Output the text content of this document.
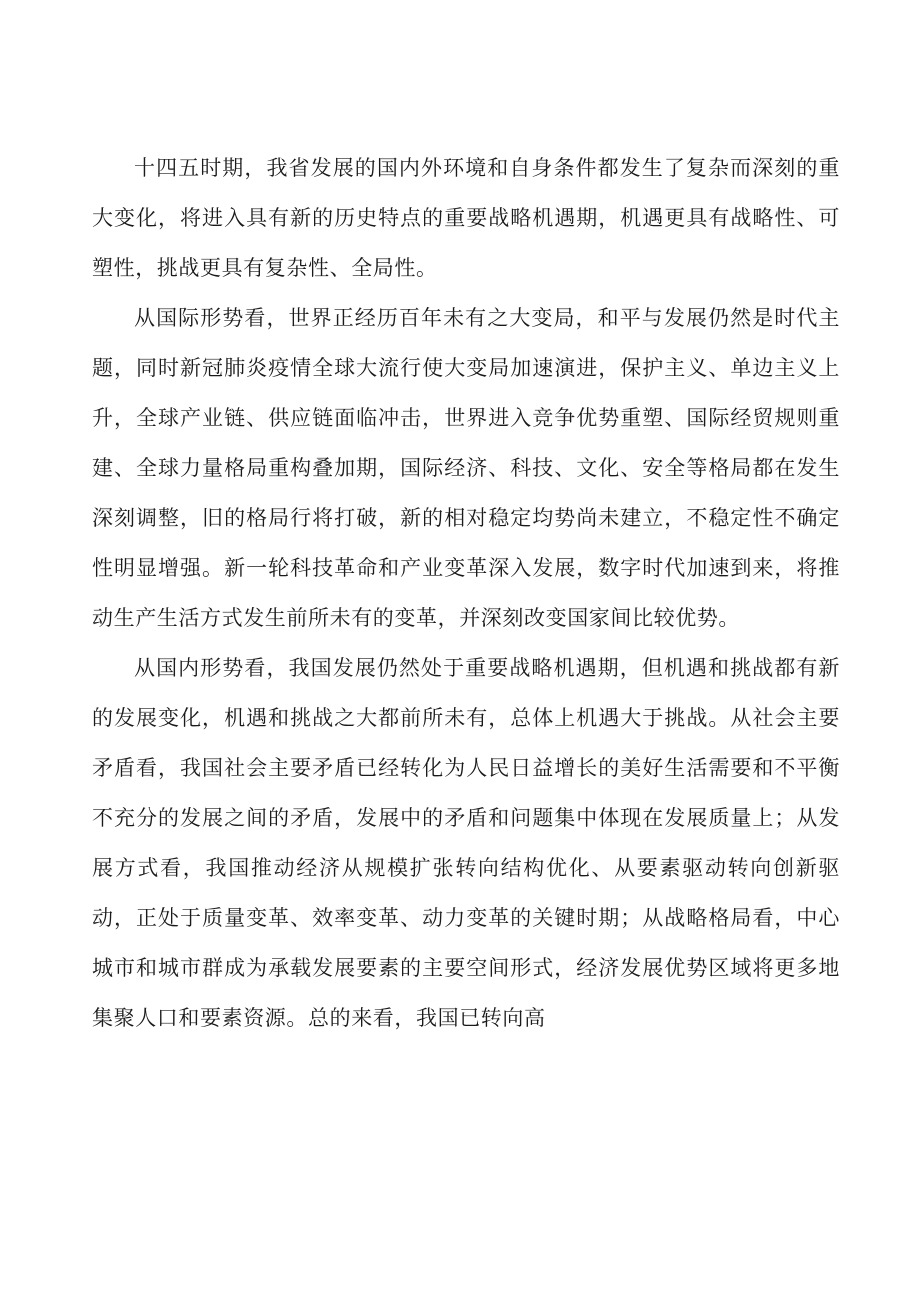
十四五时期，我省发展的国内外环境和自身条件都发生了复杂而深刻的重大变化，将进入具有新的历史特点的重要战略机遇期，机遇更具有战略性、可塑性，挑战更具有复杂性、全局性。

从国际形势看，世界正经历百年未有之大变局，和平与发展仍然是时代主题，同时新冠肺炎疫情全球大流行使大变局加速演进，保护主义、单边主义上升，全球产业链、供应链面临冲击，世界进入竞争优势重塑、国际经贸规则重建、全球力量格局重构叠加期，国际经济、科技、文化、安全等格局都在发生深刻调整，旧的格局行将打破，新的相对稳定均势尚未建立，不稳定性不确定性明显增强。新一轮科技革命和产业变革深入发展，数字时代加速到来，将推动生产生活方式发生前所未有的变革，并深刻改变国家间比较优势。

从国内形势看，我国发展仍然处于重要战略机遇期，但机遇和挑战都有新的发展变化，机遇和挑战之大都前所未有，总体上机遇大于挑战。从社会主要矛盾看，我国社会主要矛盾已经转化为人民日益增长的美好生活需要和不平衡不充分的发展之间的矛盾，发展中的矛盾和问题集中体现在发展质量上；从发展方式看，我国推动经济从规模扩张转向结构优化、从要素驱动转向创新驱动，正处于质量变革、效率变革、动力变革的关键时期；从战略格局看，中心城市和城市群成为承载发展要素的主要空间形式，经济发展优势区域将更多地集聚人口和要素资源。总的来看，我国已转向高
